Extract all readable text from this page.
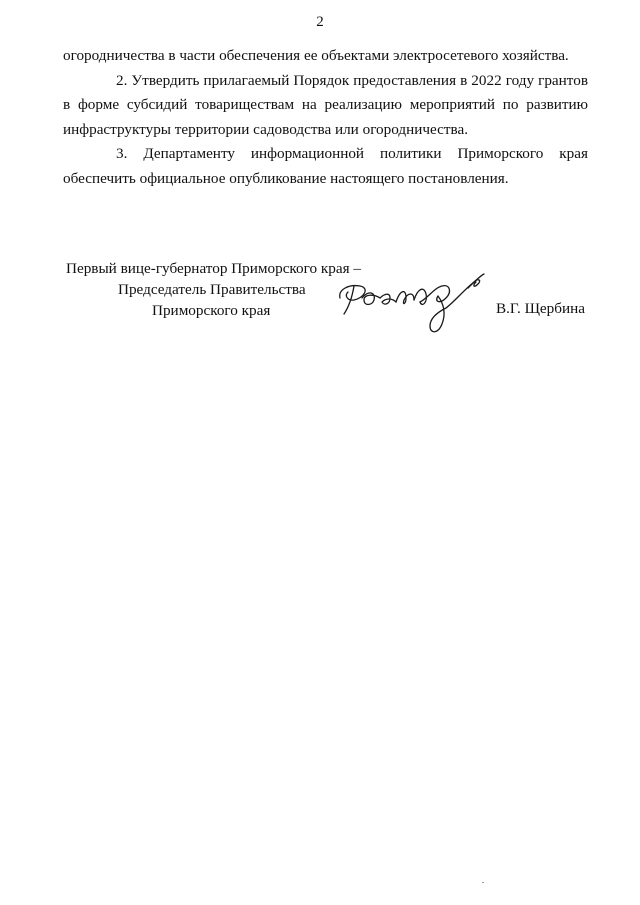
2

огородничества в части обеспечения ее объектами электросетевого хозяйства.

2. Утвердить прилагаемый Порядок предоставления в 2022 году грантов в форме субсидий товариществам на реализацию мероприятий по развитию инфраструктуры территории садоводства или огородничества.

3. Департаменту информационной политики Приморского края

обеспечить официальное опубликование настоящего постановления.

Первый вице-губернатор Приморского края –
Председатель Правительства
Приморского края	В.Г. Щербина
